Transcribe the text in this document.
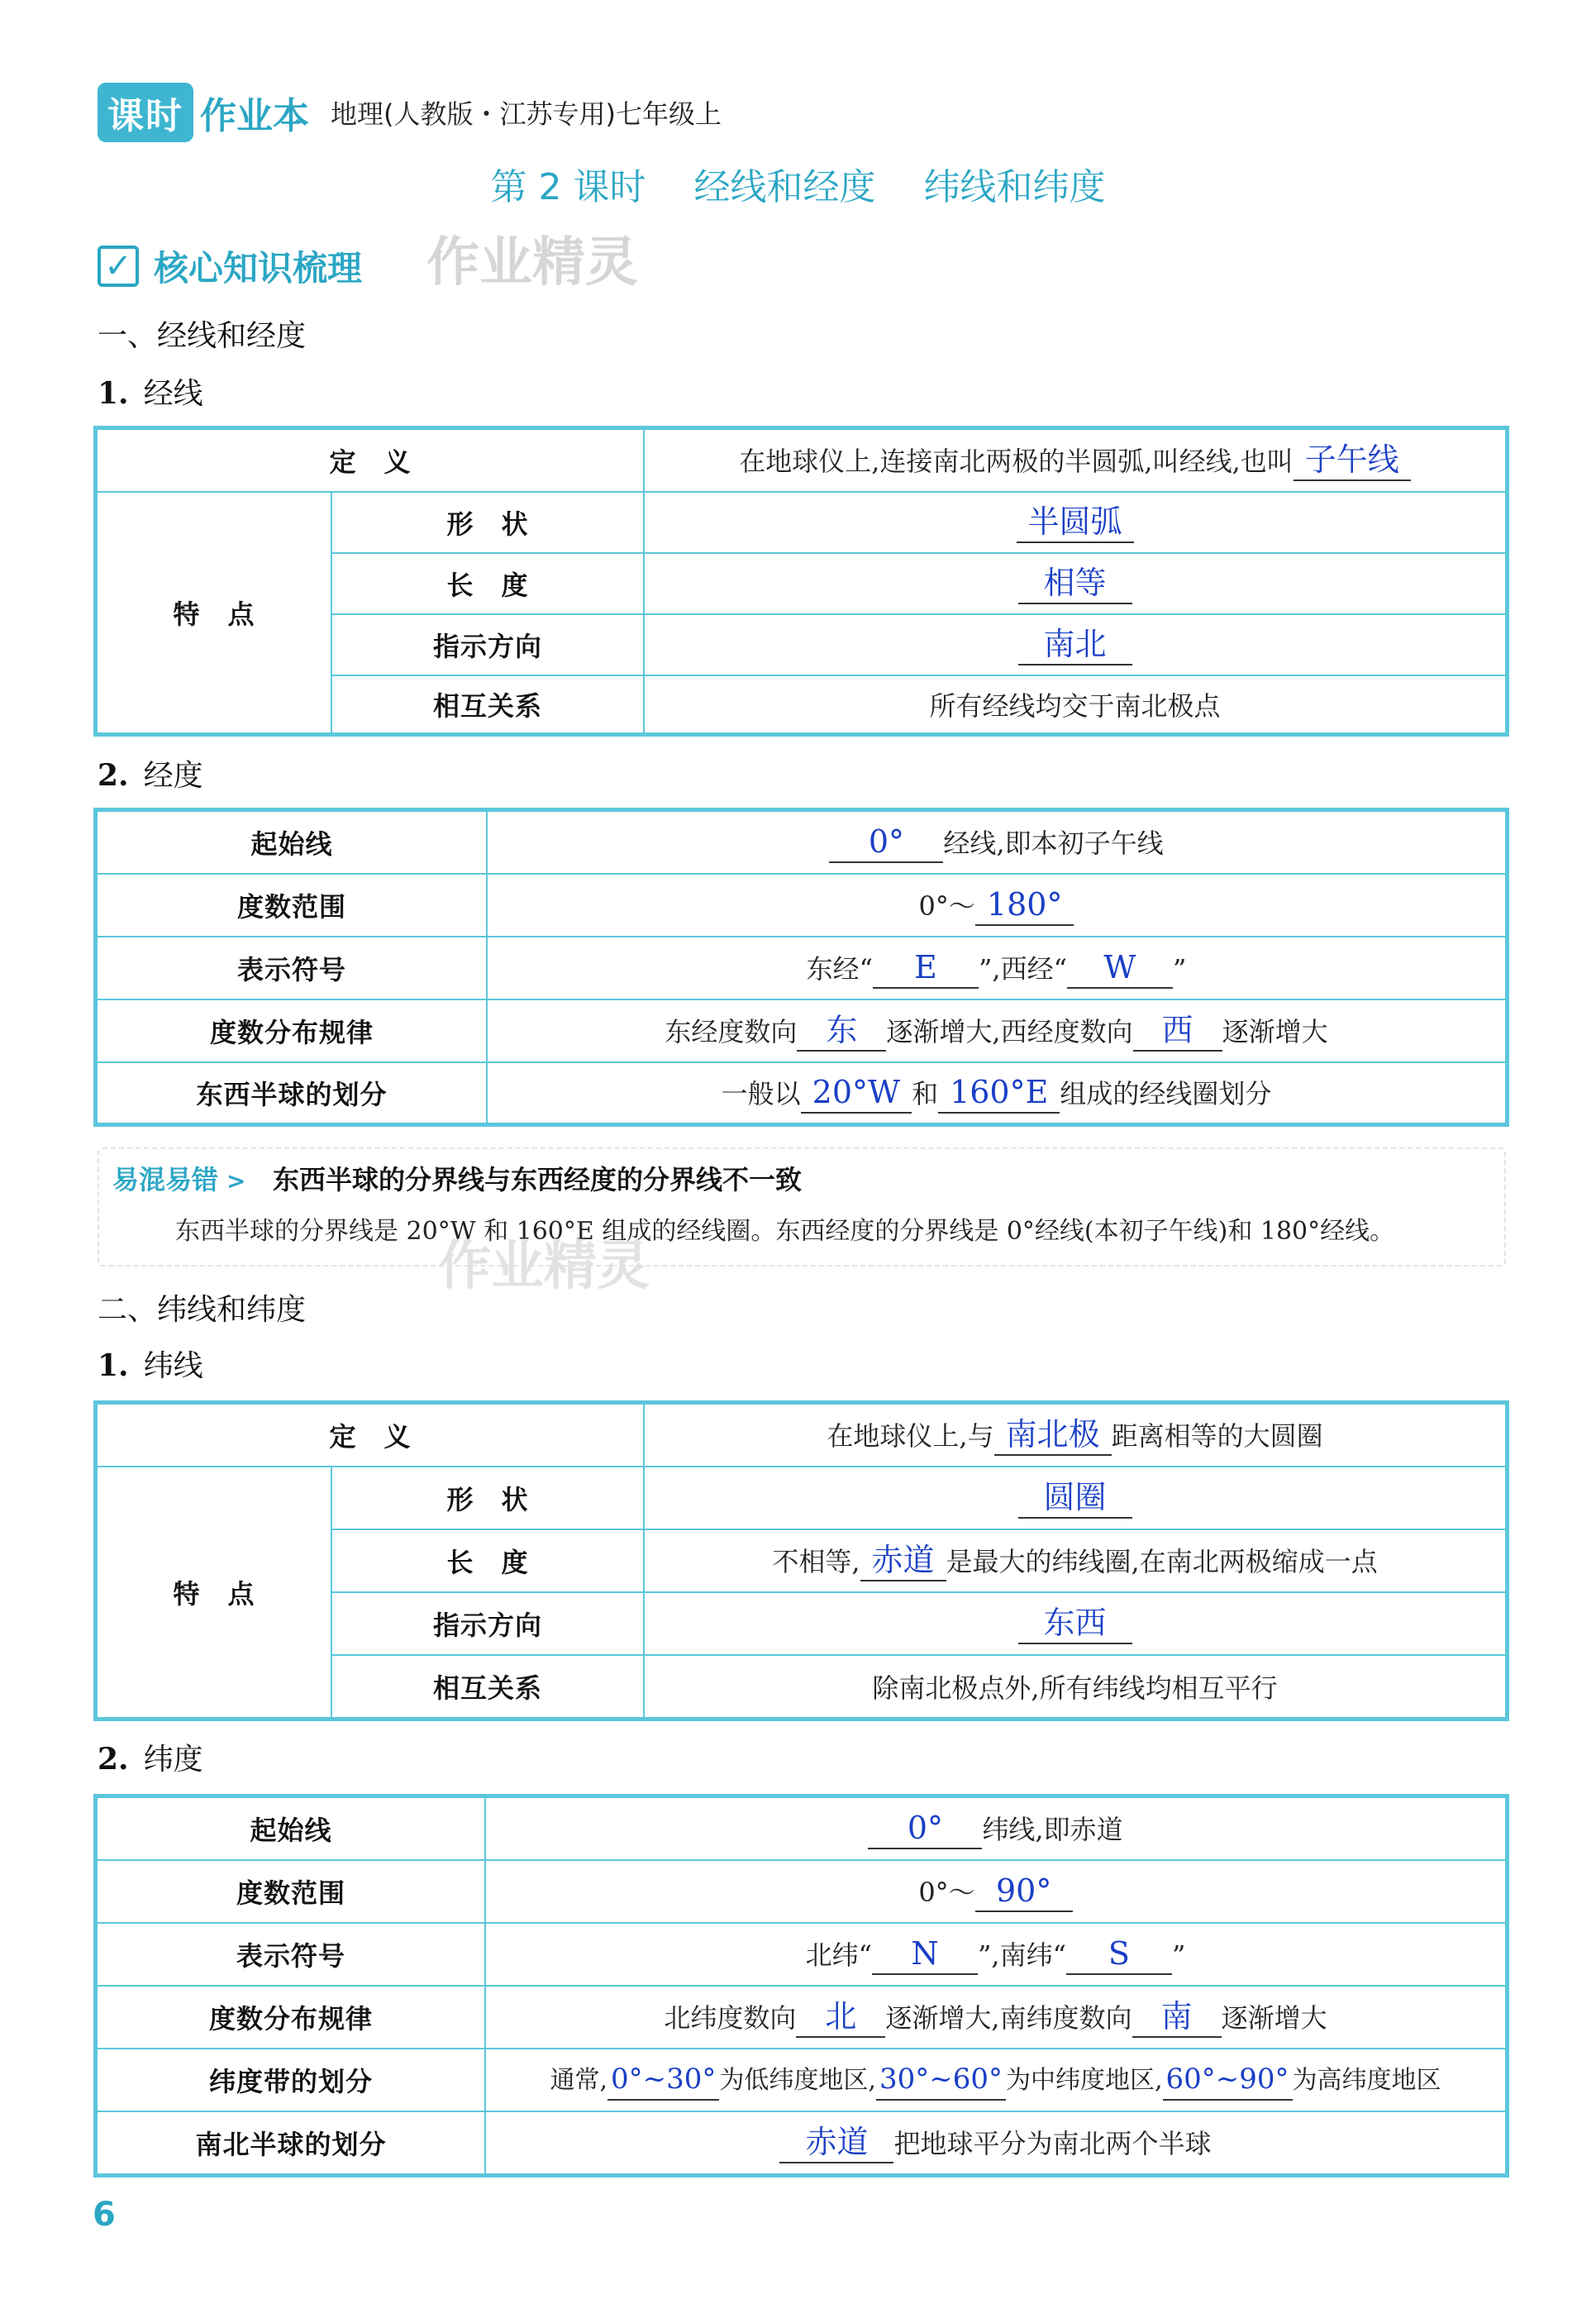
课时 作业本 地理(人教版・江苏专用)七年级上
第 2 课时 经线和经度 纬线和纬度
✓ 核心知识梳理 作业精灵
一、经线和经度
1. 经线
定　义		在地球仪上,连接南北两极的半圆弧,叫经线,也叫 子午线
特　点	形　状	半圆弧
	长　度	相等
	指示方向	南北
	相互关系	所有经线均交于南北极点
2. 经度
起始线	0° 经线,即本初子午线
度数范围	0°～ 180°
表示符号	东经“ E ”,西经“ W ”
度数分布规律	东经度数向 东 逐渐增大,西经度数向 西 逐渐增大
东西半球的划分	一般以 20°W 和 160°E 组成的经线圈划分
易混易错 >	东西半球的分界线与东西经度的分界线不一致
东西半球的分界线是 20°W 和 160°E 组成的经线圈。东西经度的分界线是 0°经线(本初子午线)和 180°经线。
作业精灵
二、纬线和纬度
1. 纬线
定　义		在地球仪上,与 南北极 距离相等的大圆圈
特　点	形　状	圆圈
	长　度	不相等, 赤道 是最大的纬线圈,在南北两极缩成一点
	指示方向	东西
	相互关系	除南北极点外,所有纬线均相互平行
2. 纬度
起始线	0° 纬线,即赤道
度数范围	0°～ 90°
表示符号	北纬“ N ”,南纬“ S ”
度数分布规律	北纬度数向 北 逐渐增大,南纬度数向 南 逐渐增大
纬度带的划分	通常, 0°~30° 为低纬度地区, 30°~60° 为中纬度地区, 60°~90° 为高纬度地区
南北半球的划分	赤道 把地球平分为南北两个半球
6
